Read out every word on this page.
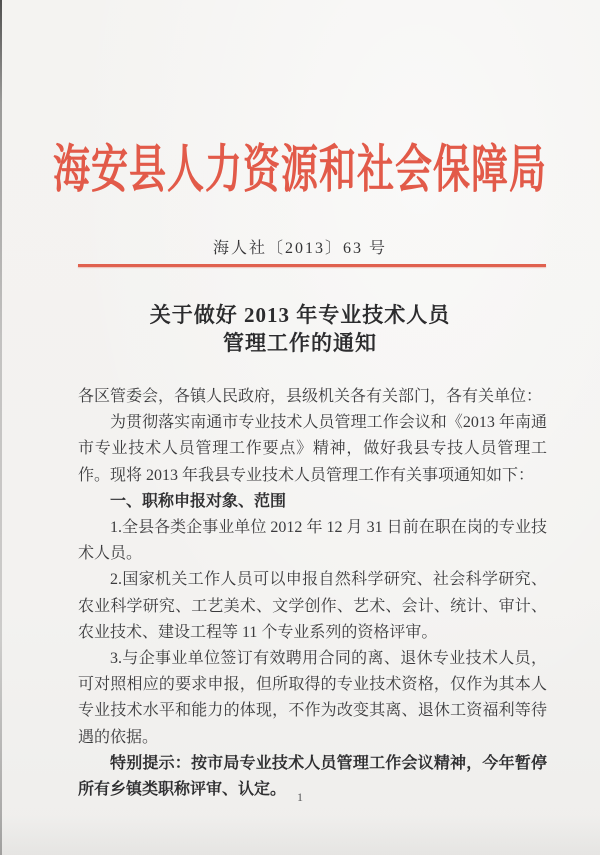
海安县人力资源和社会保障局
海人社〔2013〕63 号
关于做好 2013 年专业技术人员
管理工作的通知

各区管委会，各镇人民政府，县级机关各有关部门，各有关单位：

为贯彻落实南通市专业技术人员管理工作会议和《2013 年南通市专业技术人员管理工作要点》精神，做好我县专技人员管理工作。现将 2013 年我县专业技术人员管理工作有关事项通知如下：

一、职称申报对象、范围

1.全县各类企事业单位 2012 年 12 月 31 日前在职在岗的专业技术人员。

2.国家机关工作人员可以申报自然科学研究、社会科学研究、农业科学研究、工艺美术、文学创作、艺术、会计、统计、审计、农业技术、建设工程等 11 个专业系列的资格评审。

3.与企事业单位签订有效聘用合同的离、退休专业技术人员，可对照相应的要求申报，但所取得的专业技术资格，仅作为其本人专业技术水平和能力的体现，不作为改变其离、退休工资福利等待遇的依据。

特别提示：按市局专业技术人员管理工作会议精神，今年暂停所有乡镇类职称评审、认定。 1
